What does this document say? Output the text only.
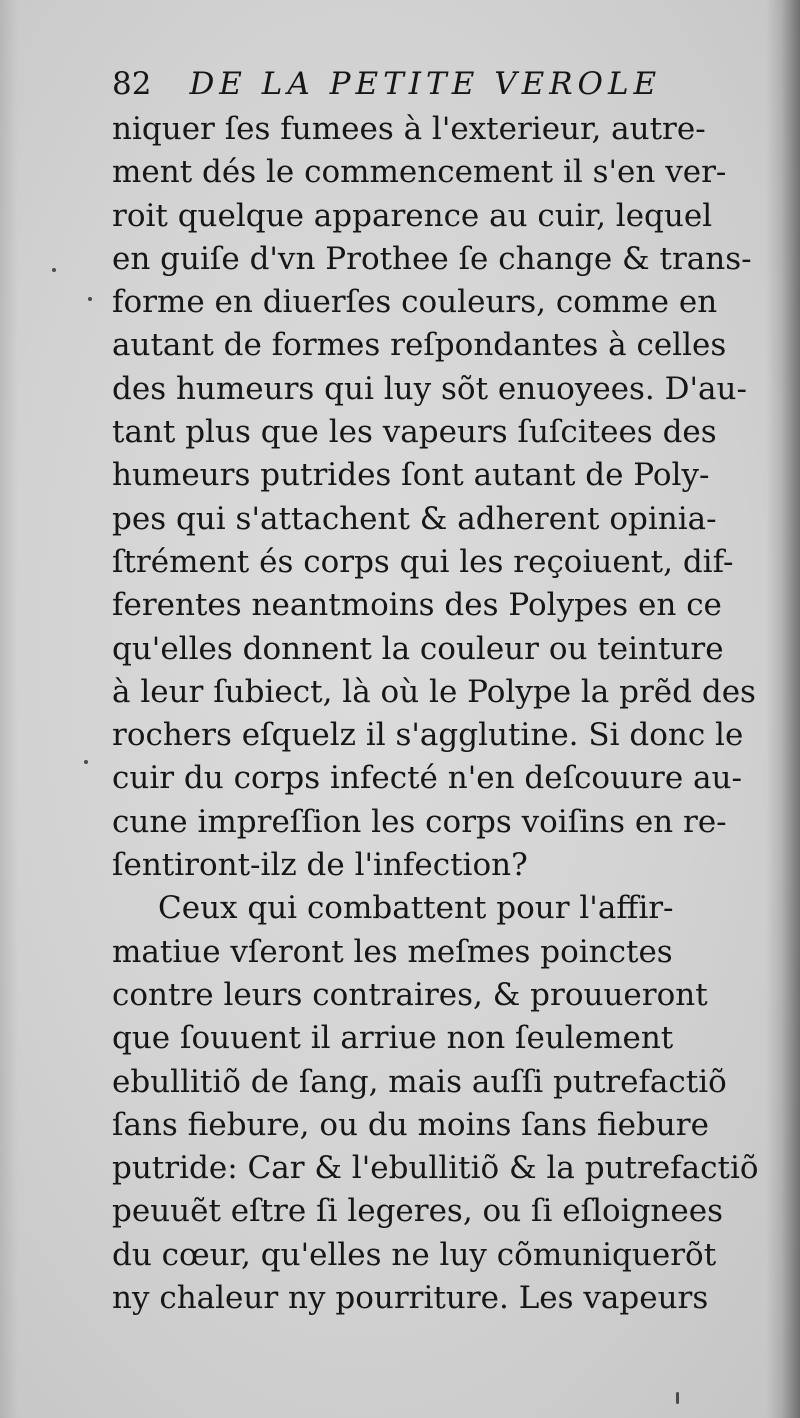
82 DE LA PETITE VEROLE
niquer ſes fumees à l'exterieur, autre-
ment dés le commencement il s'en ver-
roit quelque apparence au cuir, lequel
en guiſe d'vn Prothee ſe change & trans-
forme en diuerſes couleurs, comme en
autant de formes reſpondantes à celles
des humeurs qui luy sõt enuoyees. D'au-
tant plus que les vapeurs ſuſcitees des
humeurs putrides ſont autant de Poly-
pes qui s'attachent & adherent opinia-
ſtrément és corps qui les reçoiuent, dif-
ferentes neantmoins des Polypes en ce
qu'elles donnent la couleur ou teinture
à leur ſubiect, là où le Polype la prẽd des
rochers eſquelz il s'agglutine. Si donc le
cuir du corps infecté n'en deſcouure au-
cune impreſſion les corps voiſins en re-
ſentiront-ilz de l'infection?
Ceux qui combattent pour l'affir-
matiue vſeront les meſmes poinctes
contre leurs contraires, & prouueront
que ſouuent il arriue non ſeulement
ebullitiõ de ſang, mais auſſi putrefactiõ
ſans fiebure, ou du moins ſans fiebure
putride: Car & l'ebullitiõ & la putrefactiõ
peuuẽt eſtre ſi legeres, ou ſi eſloignees
du cœur, qu'elles ne luy cõmuniquerõt
ny chaleur ny pourriture. Les vapeurs
